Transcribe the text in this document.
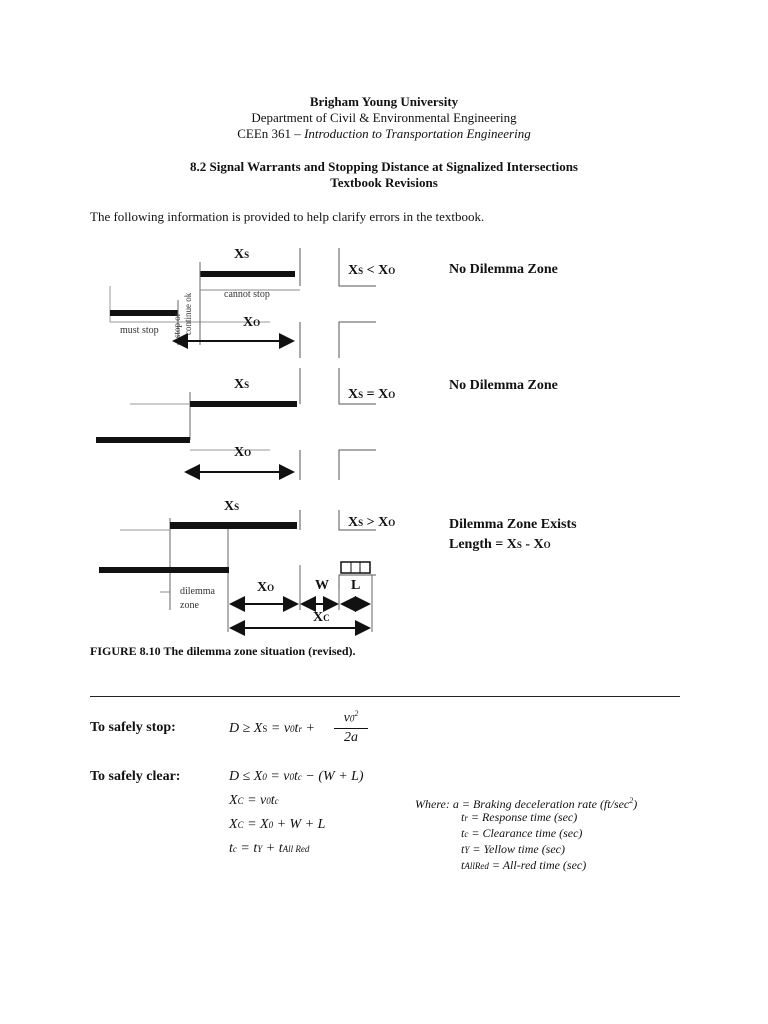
Brigham Young University
Department of Civil & Environmental Engineering
CEEn 361 – Introduction to Transportation Engineering
8.2 Signal Warrants and Stopping Distance at Signalized Intersections
Textbook Revisions
The following information is provided to help clarify errors in the textbook.
XS
XS < XO	No Dilemma Zone
XO
cannot stop
must stop stop or continue ok
XS
XS = XO
No Dilemma Zone
XO
XS
XS > XO	Dilemma Zone Exists
Length = XS - XO
XO	W L
XC
dilemma
zone
FIGURE 8.10 The dilemma zone situation (revised).
To safely stop:	D ≥ XS = v0tr +
$v0^2$
2a
To safely clear:	D ≤ X0 = v0tc − (W + L)
XC = v0tc
XC = X0 + W + L
tc = tY + tAll Red
Where: a = Braking deceleration rate $(ft/\sec^2)$
tr = Response time (sec)
tc = Clearance time (sec)
tY = Yellow time (sec)
tAllRed = All-red time (sec)
